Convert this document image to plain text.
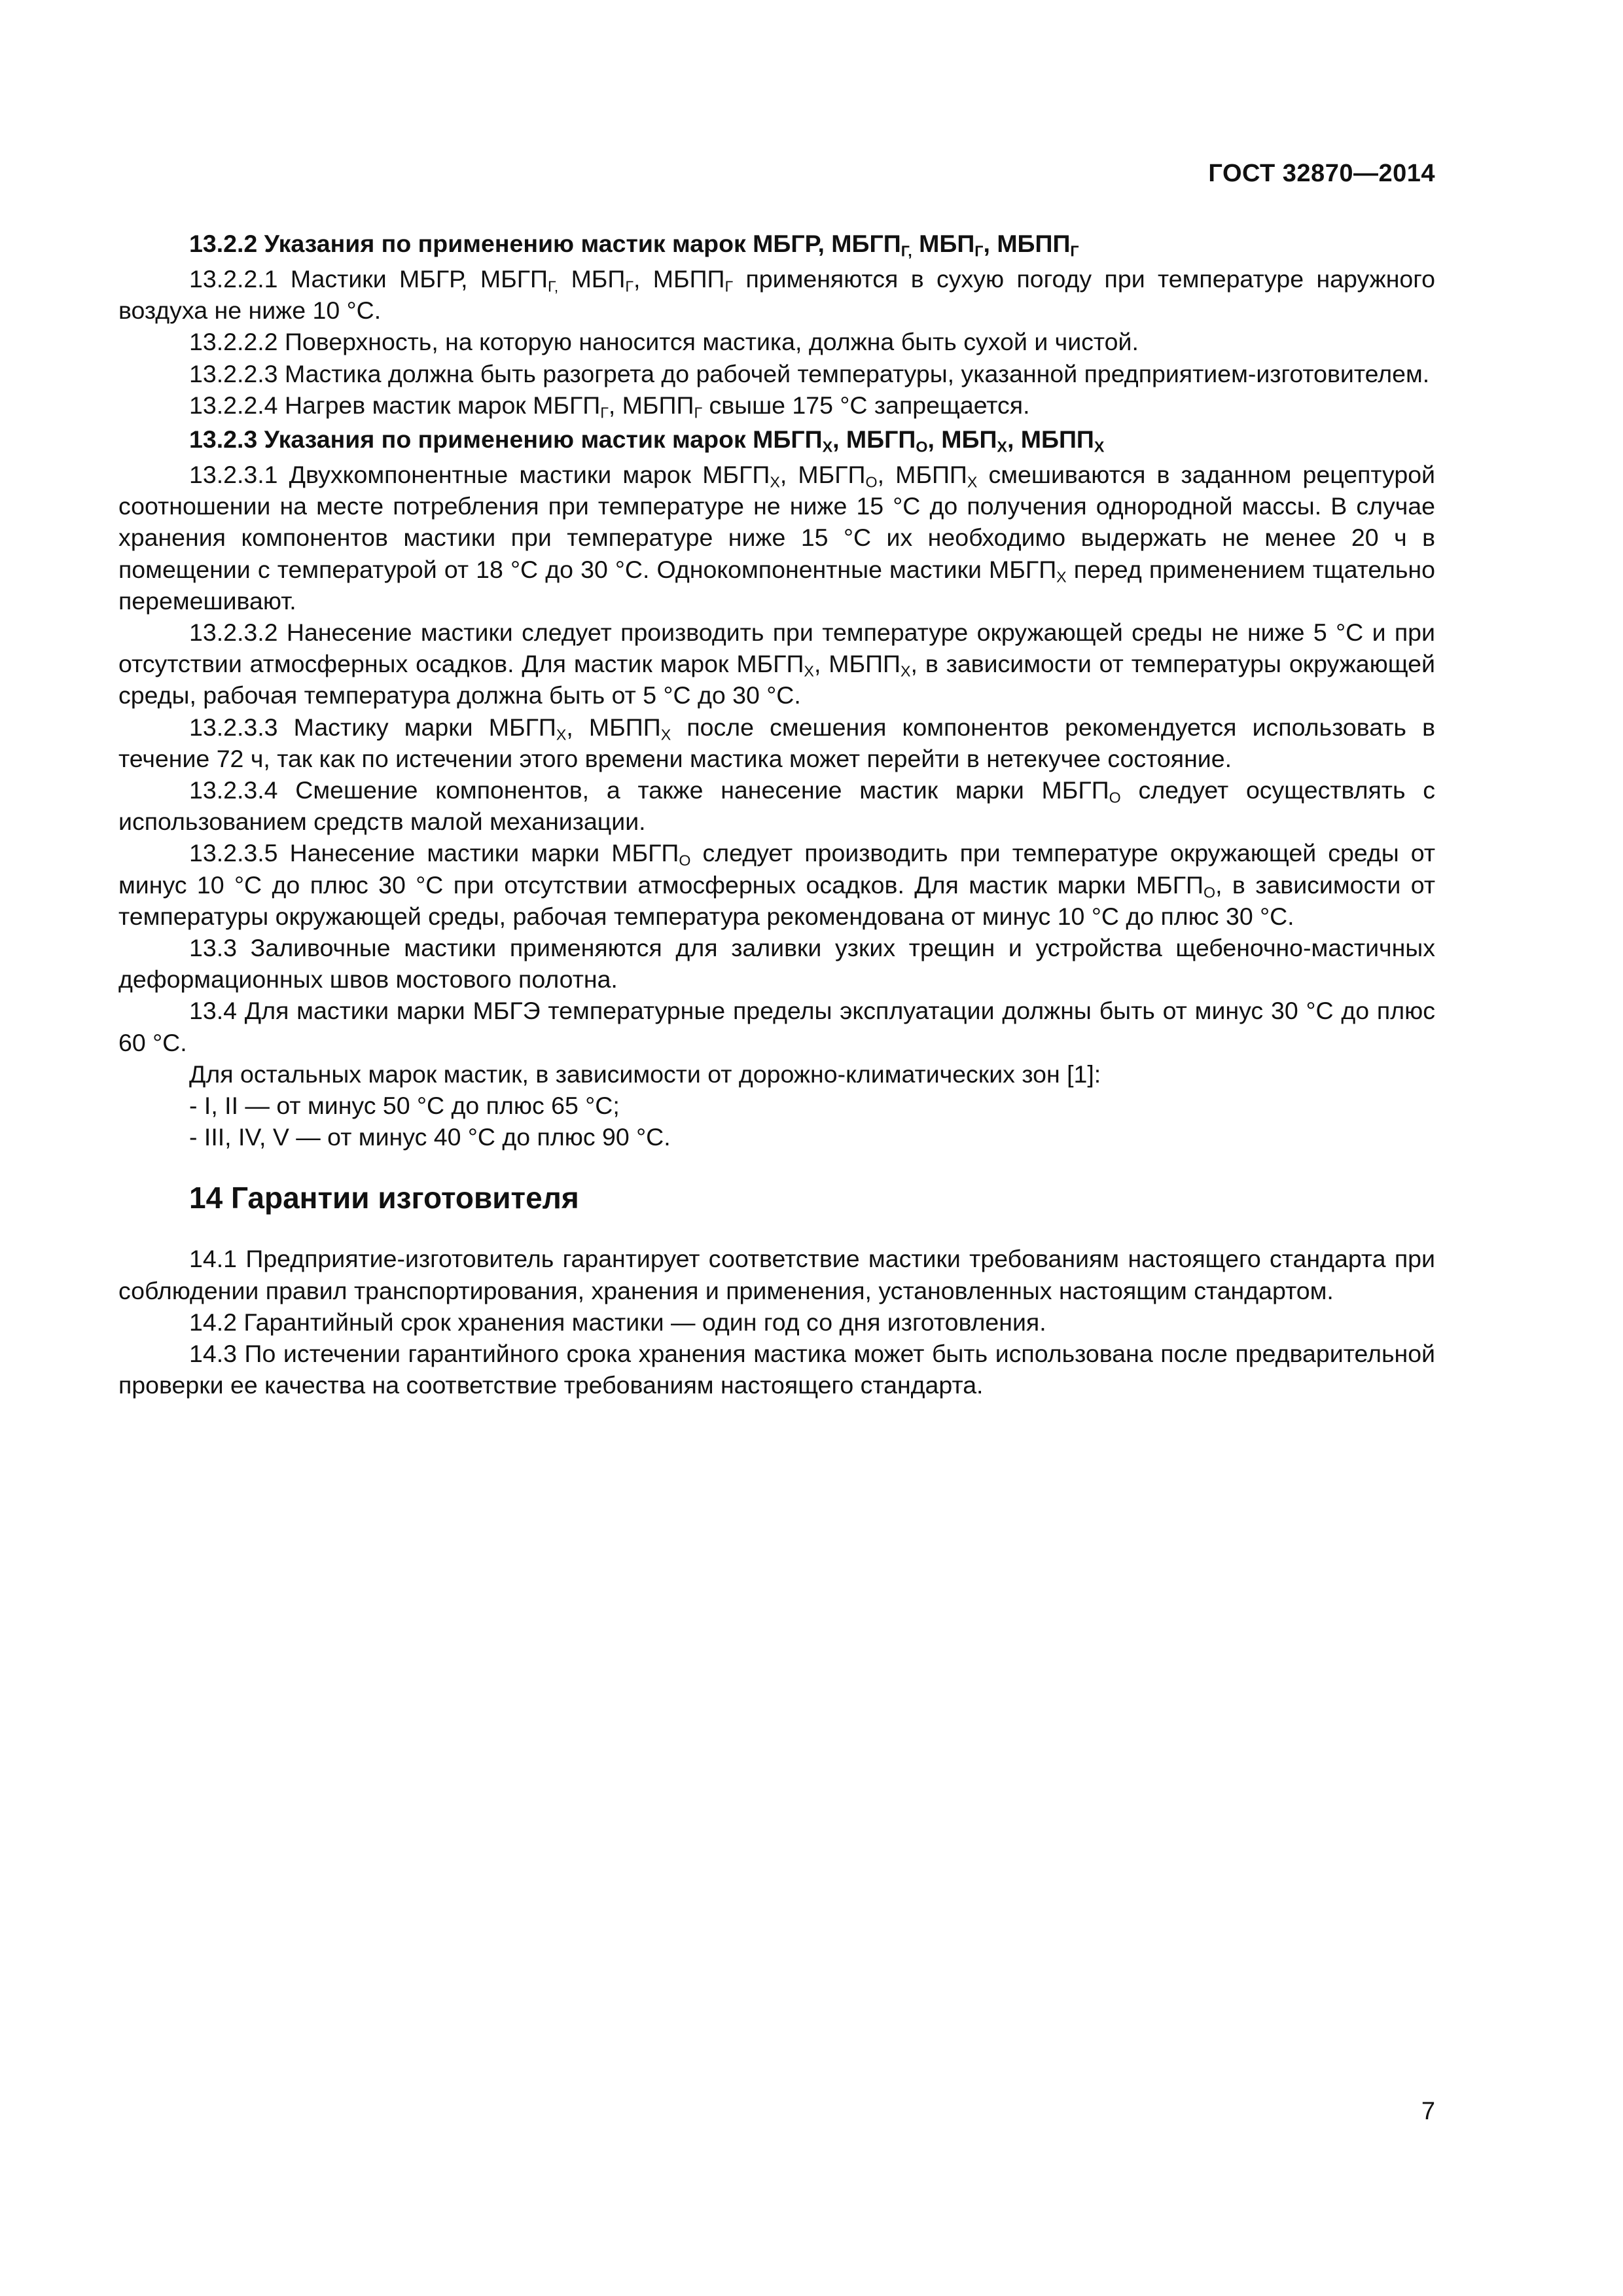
ГОСТ 32870—2014
13.2.2 Указания по применению мастик марок МБГР, $МБГП_{Г,}$ $МБП_Г$, $МБПП_Г$

13.2.2.1 Мастики МБГР, $МБГП_{Г,}$ $МБП_Г$, $МБПП_Г$ применяются в сухую погоду при температуре наружного воздуха не ниже 10 °С.

13.2.2.2 Поверхность, на которую наносится мастика, должна быть сухой и чистой.

13.2.2.3 Мастика должна быть разогрета до рабочей температуры, указанной предприятием-изготовителем.

13.2.2.4 Нагрев мастик марок $МБГП_Г$, $МБПП_Г$ свыше 175 °С запрещается.

13.2.3 Указания по применению мастик марок $МБГП_Х$, $МБГП_О$, $МБП_Х$, $МБПП_Х$

13.2.3.1 Двухкомпонентные мастики марок $МБГП_Х$, $МБГП_О$, $МБПП_Х$ смешиваются в заданном рецептурой соотношении на месте потребления при температуре не ниже 15 °С до получения однородной массы. В случае хранения компонентов мастики при температуре ниже 15 °С их необходимо выдержать не менее 20 ч в помещении с температурой от 18 °С до 30 °С. Однокомпонентные мастики $МБГП_Х$ перед применением тщательно перемешивают.

13.2.3.2 Нанесение мастики следует производить при температуре окружающей среды не ниже 5 °С и при отсутствии атмосферных осадков. Для мастик марок $МБГП_Х$, $МБПП_Х$, в зависимости от температуры окружающей среды, рабочая температура должна быть от 5 °С до 30 °С.

13.2.3.3 Мастику марки $МБГП_Х$, $МБПП_Х$ после смешения компонентов рекомендуется использовать в течение 72 ч, так как по истечении этого времени мастика может перейти в нетекучее состояние.

13.2.3.4 Смешение компонентов, а также нанесение мастик марки $МБГП_О$ следует осуществлять с использованием средств малой механизации.

13.2.3.5 Нанесение мастики марки $МБГП_О$ следует производить при температуре окружающей среды от минус 10 °С до плюс 30 °С при отсутствии атмосферных осадков. Для мастик марки $МБГП_О$, в зависимости от температуры окружающей среды, рабочая температура рекомендована от минус 10 °С до плюс 30 °С.

13.3 Заливочные мастики применяются для заливки узких трещин и устройства щебеночно-мастичных деформационных швов мостового полотна.

13.4 Для мастики марки МБГЭ температурные пределы эксплуатации должны быть от минус 30 °С до плюс 60 °С.

Для остальных марок мастик, в зависимости от дорожно-климатических зон [1]:

- I, II — от минус 50 °С до плюс 65 °С;

- III, IV, V — от минус 40 °С до плюс 90 °С.

14 Гарантии изготовителя

14.1 Предприятие-изготовитель гарантирует соответствие мастики требованиям настоящего стандарта при соблюдении правил транспортирования, хранения и применения, установленных настоящим стандартом.

14.2 Гарантийный срок хранения мастики — один год со дня изготовления.

14.3 По истечении гарантийного срока хранения мастика может быть использована после предварительной проверки ее качества на соответствие требованиям настоящего стандарта.

7
